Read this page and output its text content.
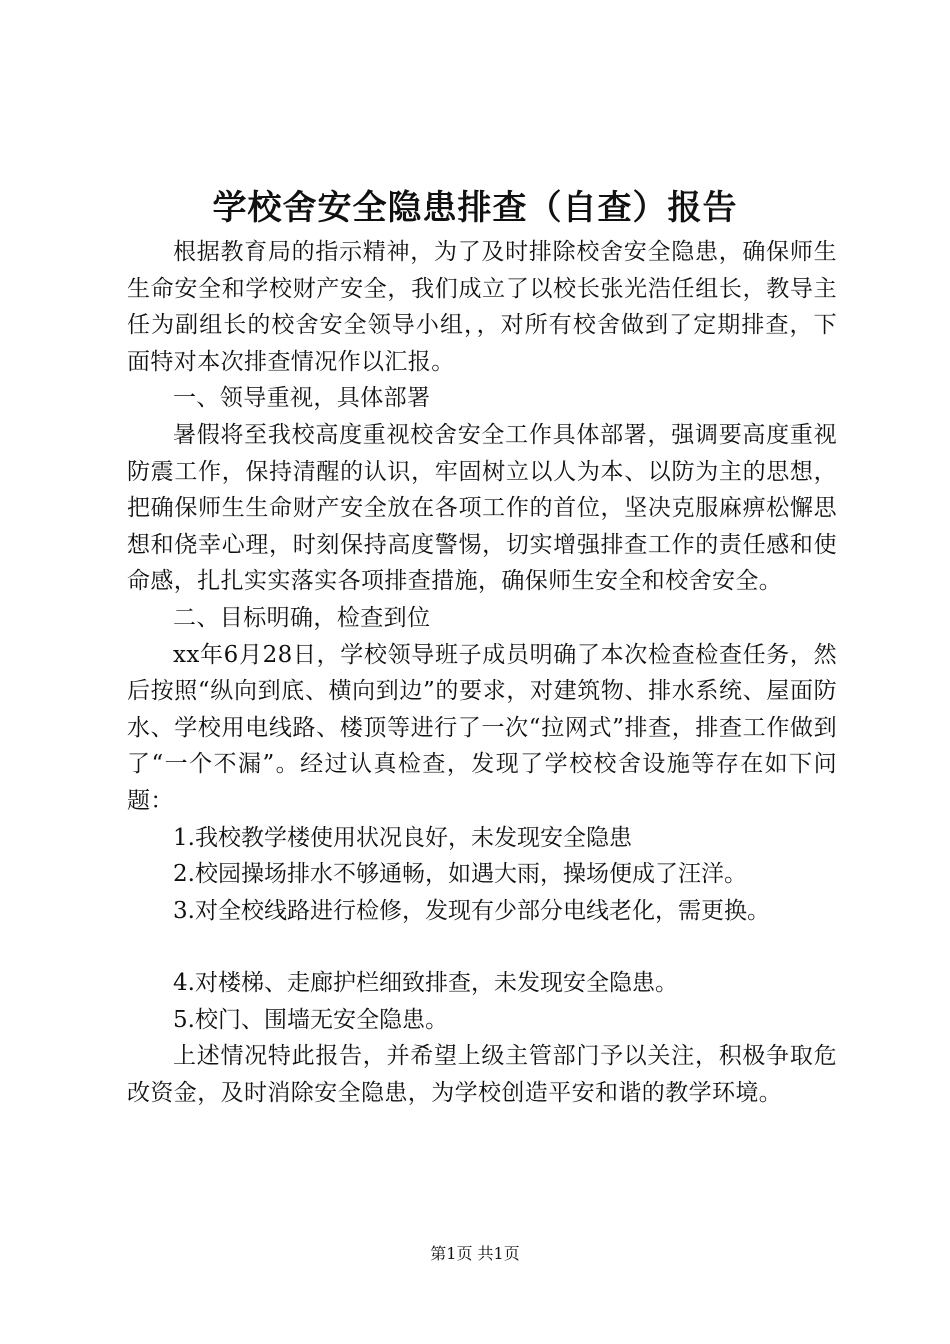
学校舍安全隐患排查（自查）报告

根据教育局的指示精神，为了及时排除校舍安全隐患，确保师生生命安全和学校财产安全，我们成立了以校长张光浩任组长，教导主任为副组长的校舍安全领导小组，，对所有校舍做到了定期排查，下面特对本次排查情况作以汇报。

一、领导重视，具体部署

暑假将至我校高度重视校舍安全工作具体部署，强调要高度重视防震工作，保持清醒的认识，牢固树立以人为本、以防为主的思想，把确保师生生命财产安全放在各项工作的首位，坚决克服麻痹松懈思想和侥幸心理，时刻保持高度警惕，切实增强排查工作的责任感和使命感，扎扎实实落实各项排查措施，确保师生安全和校舍安全。

二、目标明确，检查到位

xx年6月28日，学校领导班子成员明确了本次检查检查任务，然后按照“纵向到底、横向到边”的要求，对建筑物、排水系统、屋面防水、学校用电线路、楼顶等进行了一次“拉网式”排查，排查工作做到了“一个不漏”。经过认真检查，发现了学校校舍设施等存在如下问题：

1.我校教学楼使用状况良好，未发现安全隐患

2.校园操场排水不够通畅，如遇大雨，操场便成了汪洋。

3.对全校线路进行检修，发现有少部分电线老化，需更换。

4.对楼梯、走廊护栏细致排查，未发现安全隐患。

5.校门、围墙无安全隐患。

上述情况特此报告，并希望上级主管部门予以关注，积极争取危改资金，及时消除安全隐患，为学校创造平安和谐的教学环境。

第1页 共1页
